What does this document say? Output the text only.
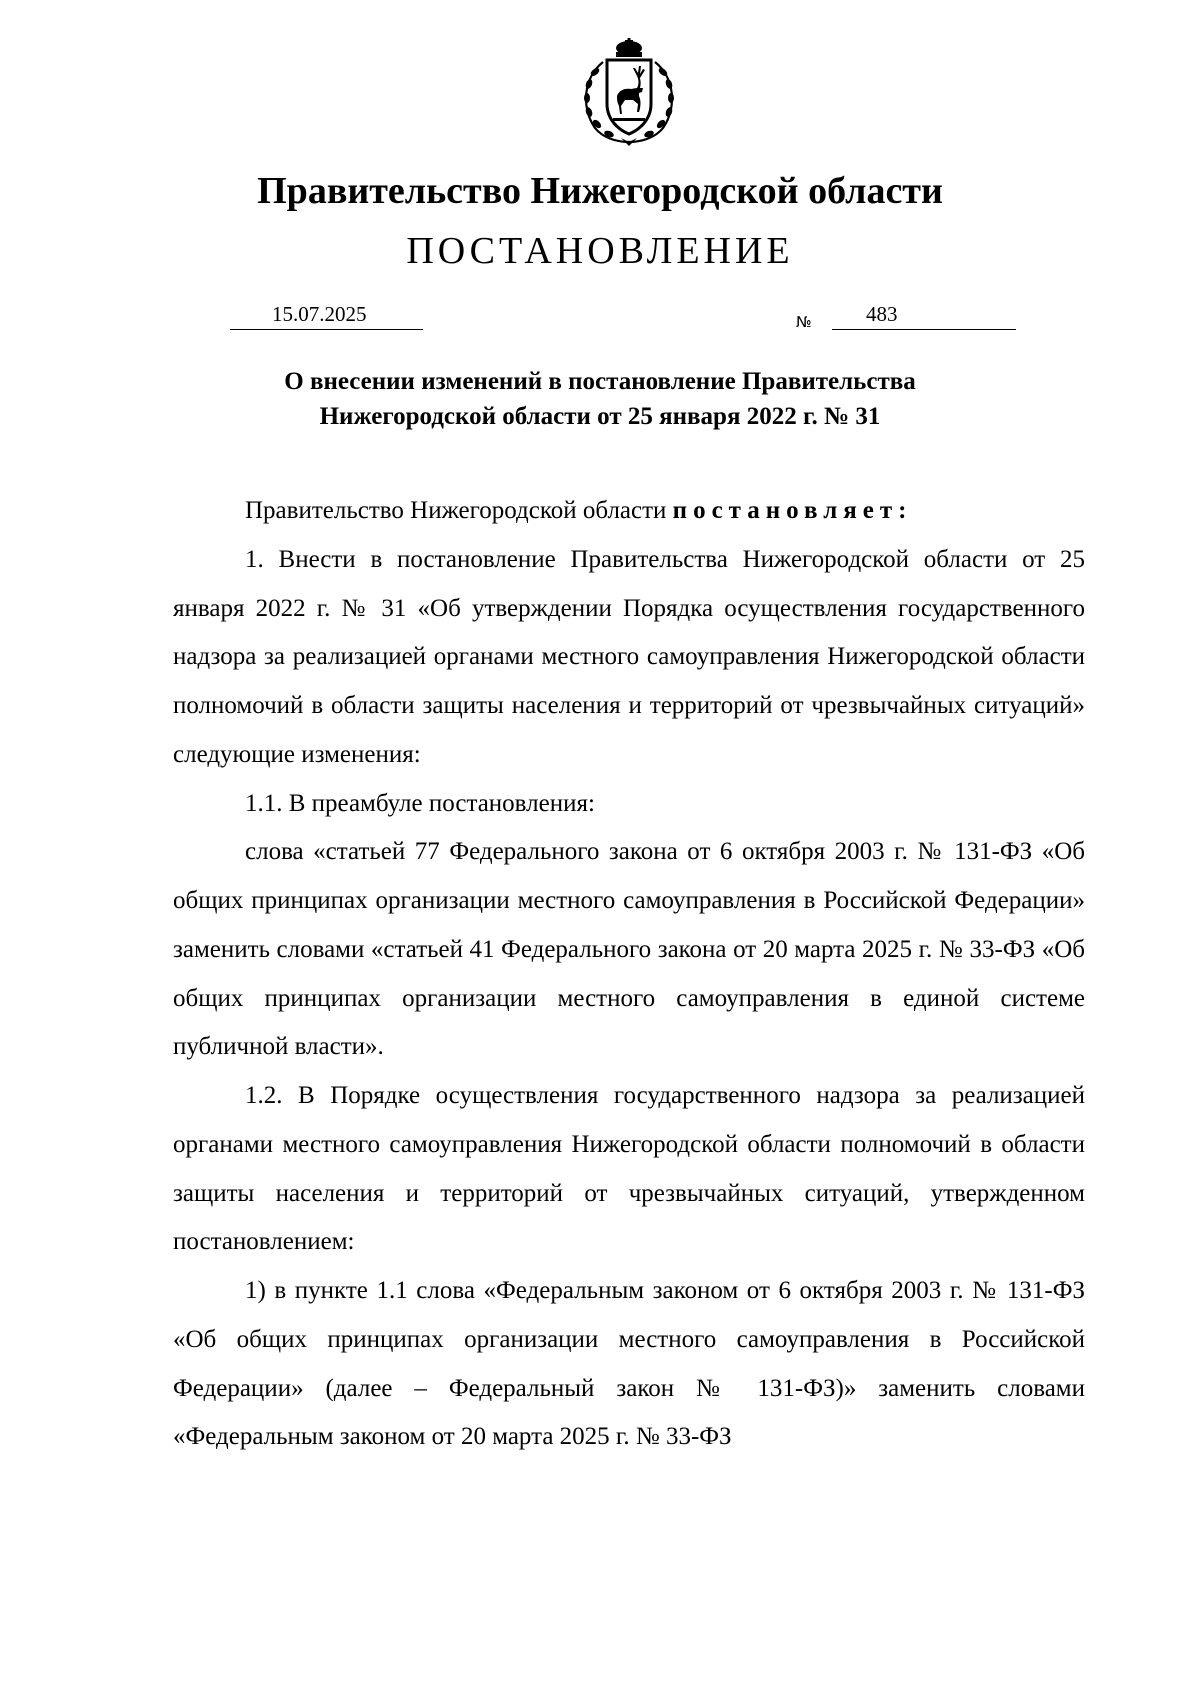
Правительство Нижегородской области
ПОСТАНОВЛЕНИЕ
15.07.2025	№	483
О внесении изменений в постановление Правительства
Нижегородской области от 25 января 2022 г. № 31

Правительство Нижегородской области постановляет:

1. Внести в постановление Правительства Нижегородской области от 25 января 2022 г. № 31 «Об утверждении Порядка осуществления государственного надзора за реализацией органами местного самоуправления Нижегородской области полномочий в области защиты населения и территорий от чрезвычайных ситуаций» следующие изменения:

1.1. В преамбуле постановления:

слова «статьей 77 Федерального закона от 6 октября 2003 г. № 131-ФЗ «Об общих принципах организации местного самоуправления в Российской Федерации» заменить словами «статьей 41 Федерального закона от 20 марта 2025 г. № 33-ФЗ «Об общих принципах организации местного самоуправления в единой системе публичной власти».

1.2. В Порядке осуществления государственного надзора за реализацией органами местного самоуправления Нижегородской области полномочий в области защиты населения и территорий от чрезвычайных ситуаций, утвержденном постановлением:

1) в пункте 1.1 слова «Федеральным законом от 6 октября 2003 г. № 131-ФЗ «Об общих принципах организации местного самоуправления в Российской Федерации» (далее – Федеральный закон № 131-ФЗ)» заменить словами «Федеральным законом от 20 марта 2025 г. № 33-ФЗ
